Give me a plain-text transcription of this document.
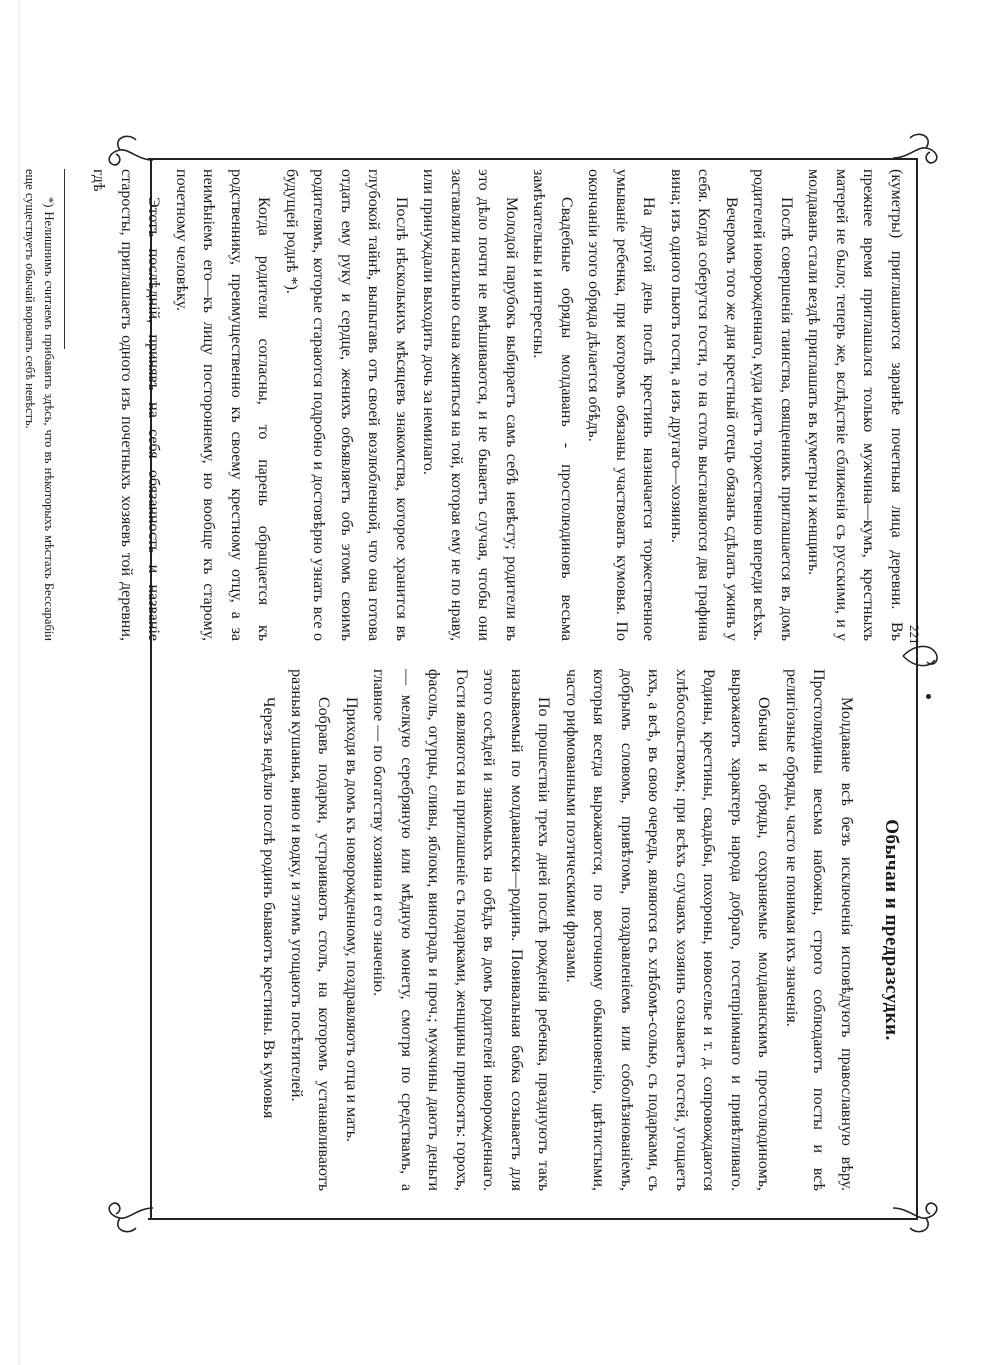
221

(куметры) приглашаются заранѣе почетныя лица деревни. Въ прежнее время приглашался только мужчина—кумъ, крестныхъ матерей не было; теперь же, вслѣдствіе сближенія съ русскими, и у молдаванъ стали вездѣ приглашать въ куметры и женщинъ.

Послѣ совершенія таинства, священникъ приглашается въ домъ родителей новорожденнаго, куда идетъ торжественно впереди всѣхъ.

Вечеромъ того же дня крестный отецъ обязанъ сдѣлать ужинъ у себя. Когда соберутся гости, то на столъ выставляются два графина вина; изъ одного пьютъ гости, а изъ другаго—хозяинъ.

На другой день послѣ крестинъ назначается торжественное умываніе ребенка, при которомъ обязаны участвовать кумовья. По окончаніи этого обряда дѣлается обѣдъ.

Свадебные обряды молдаванъ - простолюдиновъ весьма замѣчательны и интересны.

Молодой парубокъ выбираетъ самъ себѣ невѣсту; родители въ это дѣло почти не вмѣшиваются, и не бываетъ случая, чтобы они заставляли насильно сына жениться на той, которая ему не по нраву, или принуждали выходить дочь за немилаго.

Послѣ нѣсколькихъ мѣсяцевъ знакомства, которое хранится въ глубокой тайнѣ, выпытавъ отъ своей возлюбленной, что она готова отдать ему руку и сердце, женихъ объявляетъ объ этомъ своимъ родителямъ, которые стараются подробно и достовѣрно узнать все о будущей роднѣ *).

Когда родители согласны, то парень обращается къ родственнику, преимущественно къ своему крестному отцу, а за неимѣніемъ его—къ лицу постороннему, но вообще къ старому, почетному человѣку.

Этотъ послѣдній, принявъ на себя обязанность и названіе старосты, приглашаетъ одного изъ почетныхъ хозяевъ той деревни, гдѣ

*) Нелишнимъ считаемъ прибавить здѣсь, что въ нѣкоторыхъ мѣстахъ Бессарабіи еще существуетъ обычай воровать себѣ невѣстъ.

Обычаи и предразсудки.

Молдаване всѣ безъ исключенія исповѣдуютъ православную вѣру. Простолюдины весьма набожны, строго соблюдаютъ посты и всѣ религіозные обряды, часто не понимая ихъ значенія.

Обычаи и обряды, сохраняемые молдаванскимъ простолюдиномъ, выражаютъ характеръ народа добраго, гостепріимнаго и привѣтливаго. Родины, крестины, свадьбы, похороны, новоселье и т. д. сопровождаются хлѣбосольствомъ; при всѣхъ случаяхъ хозяинъ созываетъ гостей, угощаетъ ихъ, а всѣ, въ свою очередь, являются съ хлѣбомъ-солью, съ подарками, съ добрымъ словомъ, привѣтомъ, поздравленіемъ или соболѣзнованіемъ, которыя всегда выражаются, по восточному обыкновенію, цвѣтистыми, часто рифмованными поэтическими фразами.

По прошествіи трехъ дней послѣ рожденія ребенка, празднуютъ такъ называемый по молдавански—родинъ. Повивальная бабка созываетъ для этого сосѣдей и знакомыхъ на обѣдъ въ домъ родителей новорожденнаго. Гости являются на приглашеніе съ подарками, женщины приносятъ: горохъ, фасоль, огурцы, сливы, яблоки, виноградъ и проч.; мужчины даютъ деньги — мелкую серебряную или мѣдную монету, смотря по средствамъ, а главное — по богатству хозяина и его значенію.

Приходя въ домъ къ новорожденному, поздравляютъ отца и мать.

Собравъ подарки, устраиваютъ столъ, на которомъ устанавливаютъ разныя кушанья, вино и водку, и этимъ угощаютъ посѣтителей.

Черезъ недѣлю послѣ родинъ бываютъ крестины. Въ кумовья
